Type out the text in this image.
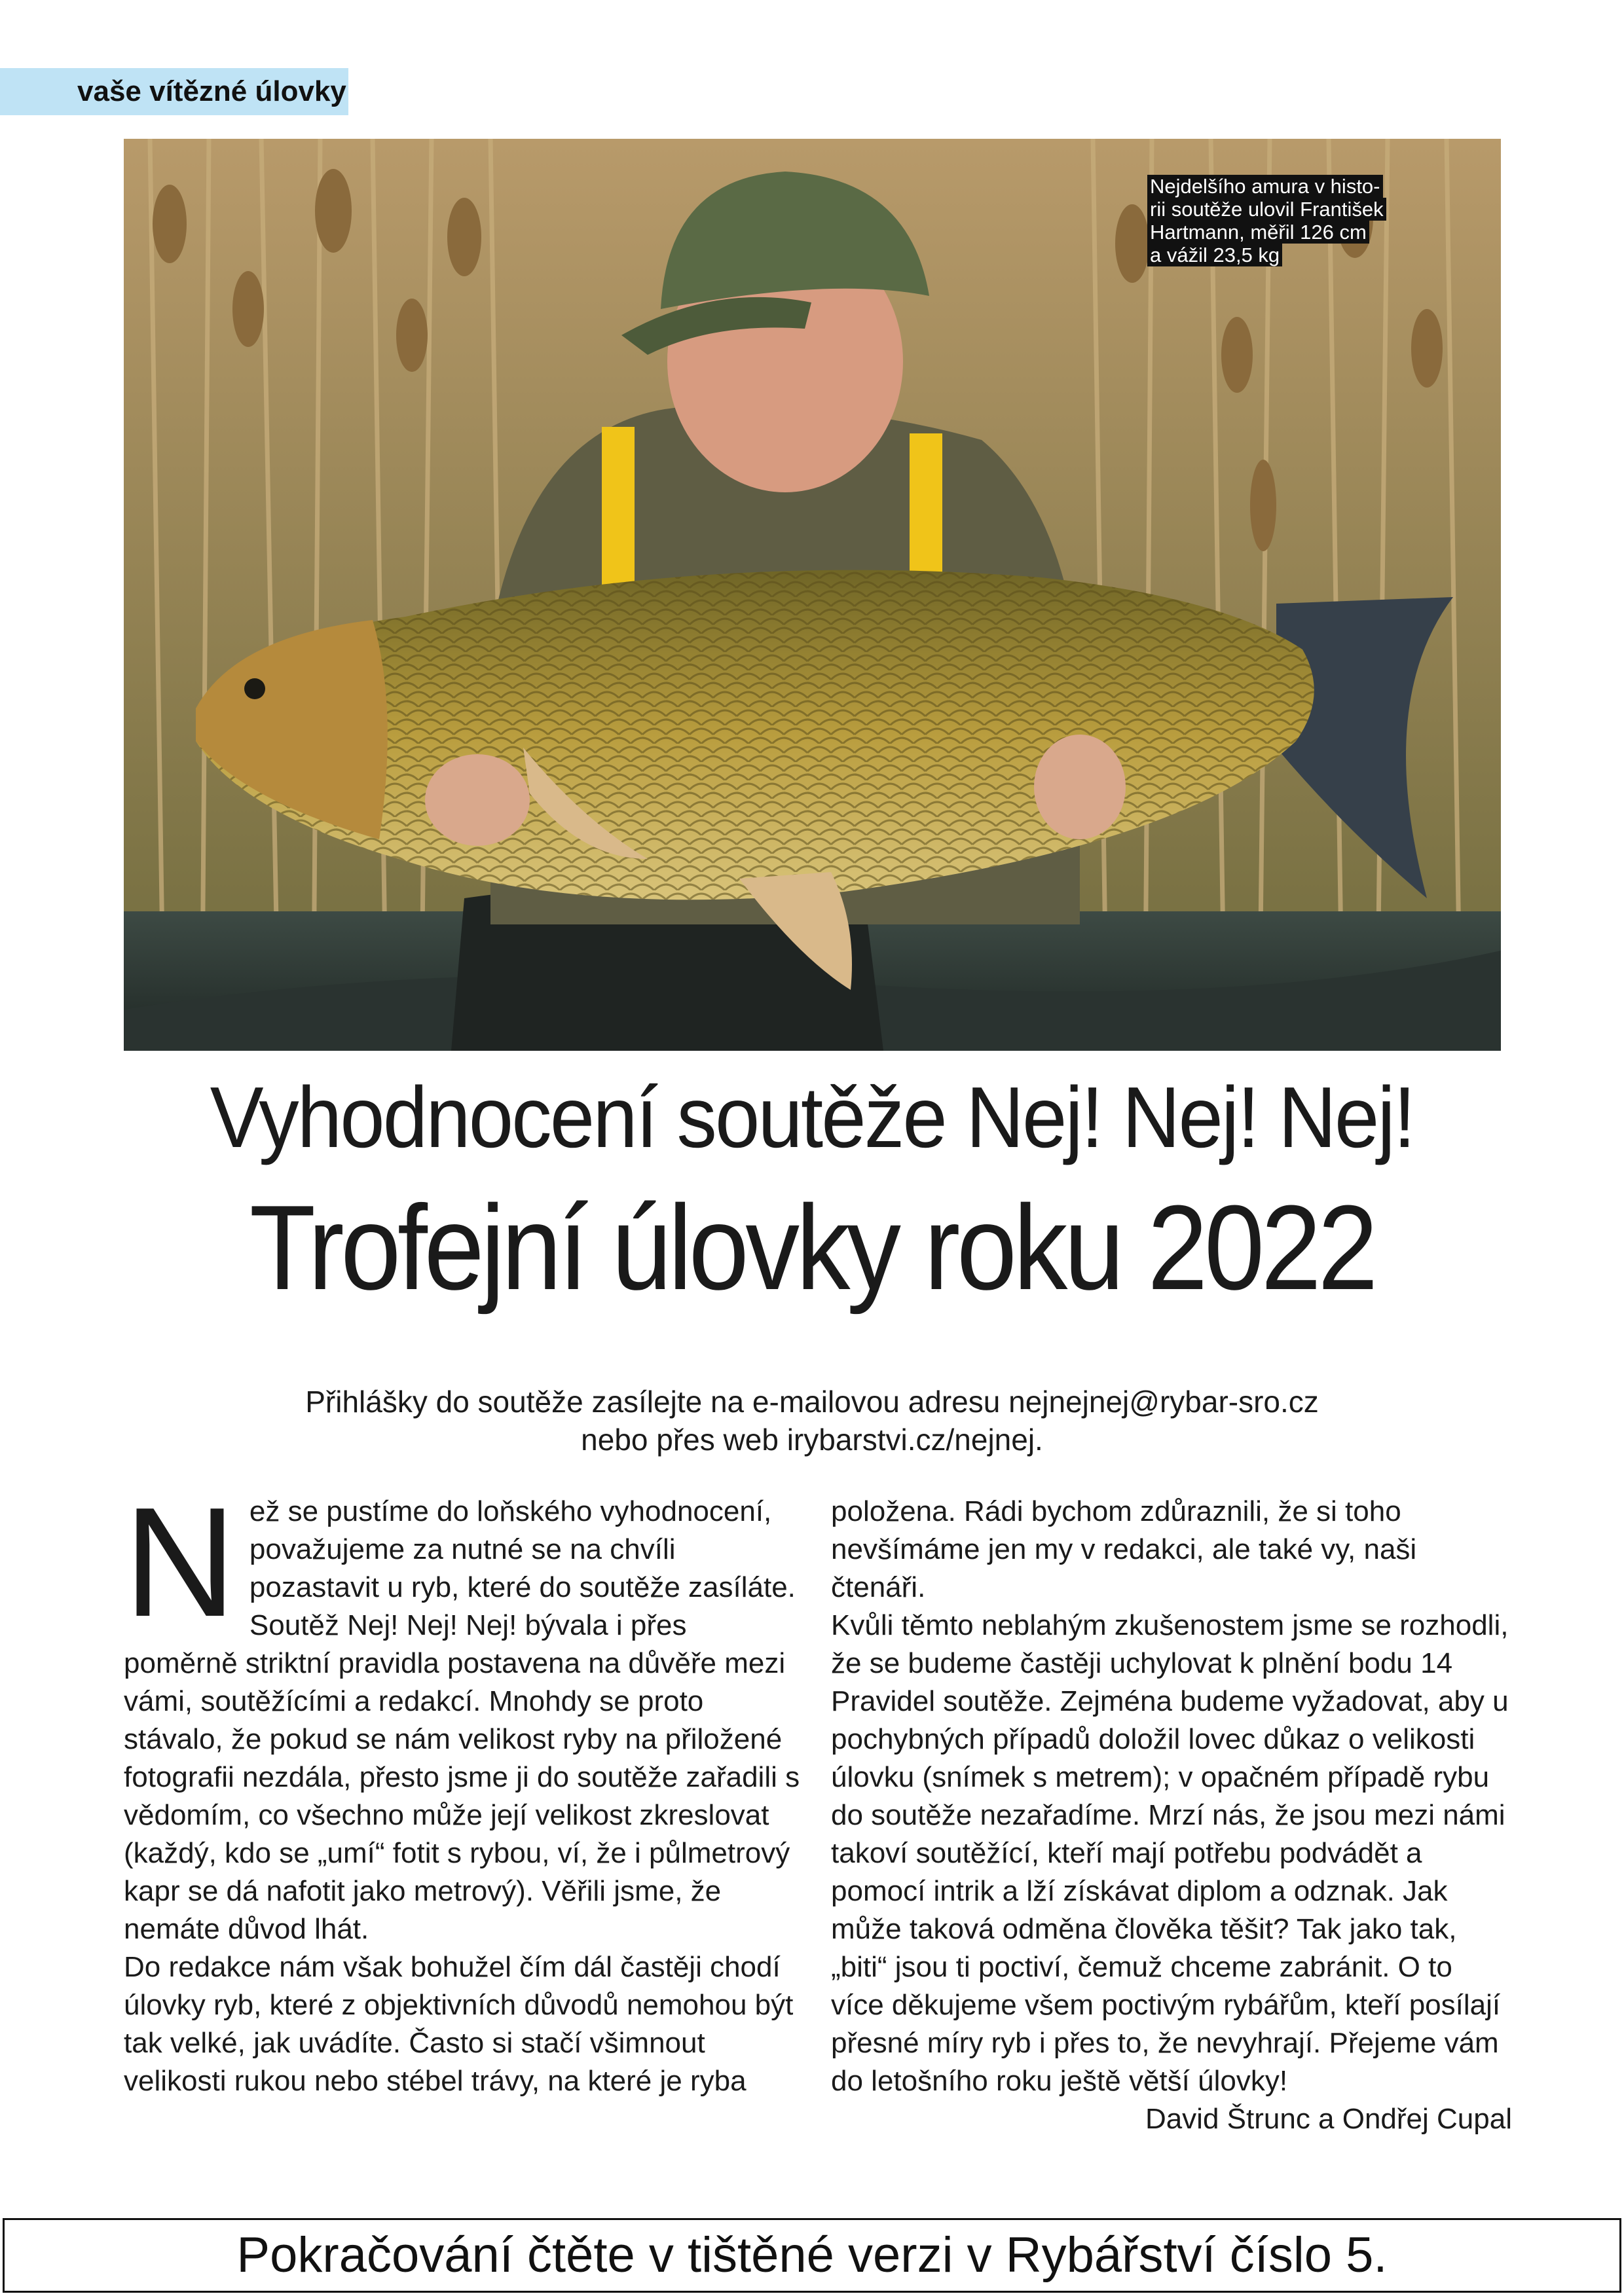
vaše vítězné úlovky
Nejdelšího amura v histo-
rii soutěže ulovil František
Hartmann, měřil 126 cm
a vážil 23,5 kg
Vyhodnocení soutěže Nej! Nej! Nej!
Trofejní úlovky roku 2022
Přihlášky do soutěže zasílejte na e-mailovou adresu nejnejnej@rybar-sro.cz
nebo přes web irybarstvi.cz/nejnej.
N ež se pustíme do loňského vyhodnocení, považujeme za nutné se na chvíli pozastavit u ryb, které do soutěže zasíláte. Soutěž Nej! Nej! Nej! bývala i přes poměrně striktní pravidla postavena na důvěře mezi vámi, soutěžícími a redakcí. Mnohdy se proto stávalo, že pokud se nám velikost ryby na přiložené fotografii nezdála, přesto jsme ji do soutěže zařadili s vědomím, co všechno může její velikost zkreslovat (každý, kdo se „umí“ fotit s rybou, ví, že i půlmetrový kapr se dá nafotit jako metrový). Věřili jsme, že nemáte důvod lhát.

Do redakce nám však bohužel čím dál častěji chodí úlovky ryb, které z objektivních důvodů nemohou být tak velké, jak uvádíte. Často si stačí všimnout velikosti rukou nebo stébel trávy, na které je ryba

položena. Rádi bychom zdůraznili, že si toho nevšímáme jen my v redakci, ale také vy, naši čtenáři.

Kvůli těmto neblahým zkušenostem jsme se rozhodli, že se budeme častěji uchylovat k plnění bodu 14 Pravidel soutěže. Zejména budeme vyžadovat, aby u pochybných případů doložil lovec důkaz o velikosti úlovku (snímek s metrem); v opačném případě rybu do soutěže nezařadíme. Mrzí nás, že jsou mezi námi takoví soutěžící, kteří mají potřebu podvádět a pomocí intrik a lží získávat diplom a odznak. Jak může taková odměna člověka těšit? Tak jako tak, „biti“ jsou ti poctiví, čemuž chceme zabránit. O to více děkujeme všem poctivým rybářům, kteří posílají přesné míry ryb i přes to, že nevyhrají. Přejeme vám do letošního roku ještě větší úlovky!

David Štrunc a Ondřej Cupal

Pokračování čtěte v tištěné verzi v Rybářství číslo 5.
